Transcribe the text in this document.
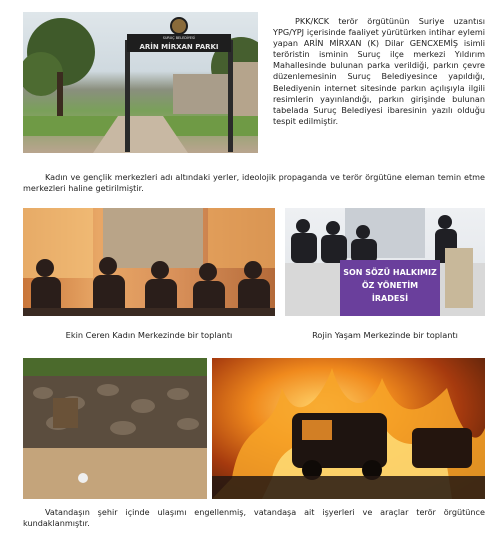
SURUÇ BELEDİYESİ
ARİN MİRXAN PARKI

PKK/KCK terör örgütünün Suriye uzantısı YPG/YPJ içerisinde faaliyet yürütürken intihar eylemi yapan ARİN MİRXAN (K) Dilar GENCXEMİŞ isimli teröristin isminin Suruç ilçe merkezi Yıldırım Mahallesinde bulunan parka verildiği, parkın çevre düzenlemesinin Suruç Belediyesince yapıldığı, Belediyenin internet sitesinde parkın açılışıyla ilgili resimlerin yayınlandığı, parkın girişinde bulunan tabelada Suruç Belediyesi ibaresinin yazılı olduğu tespit edilmiştir.

Kadın ve gençlik merkezleri adı altındaki yerler, ideolojik propaganda ve terör örgütüne eleman temin etme merkezleri haline getirilmiştir.

Ekin Ceren Kadın Merkezinde bir toplantı
SON SÖZÜ HALKIMIZ
ÖZ YÖNETİM
İRADESİ
Rojin Yaşam Merkezinde bir toplantı

Vatandaşın şehir içinde ulaşımı engellenmiş, vatandaşa ait işyerleri ve araçlar terör örgütünce kundaklanmıştır.
